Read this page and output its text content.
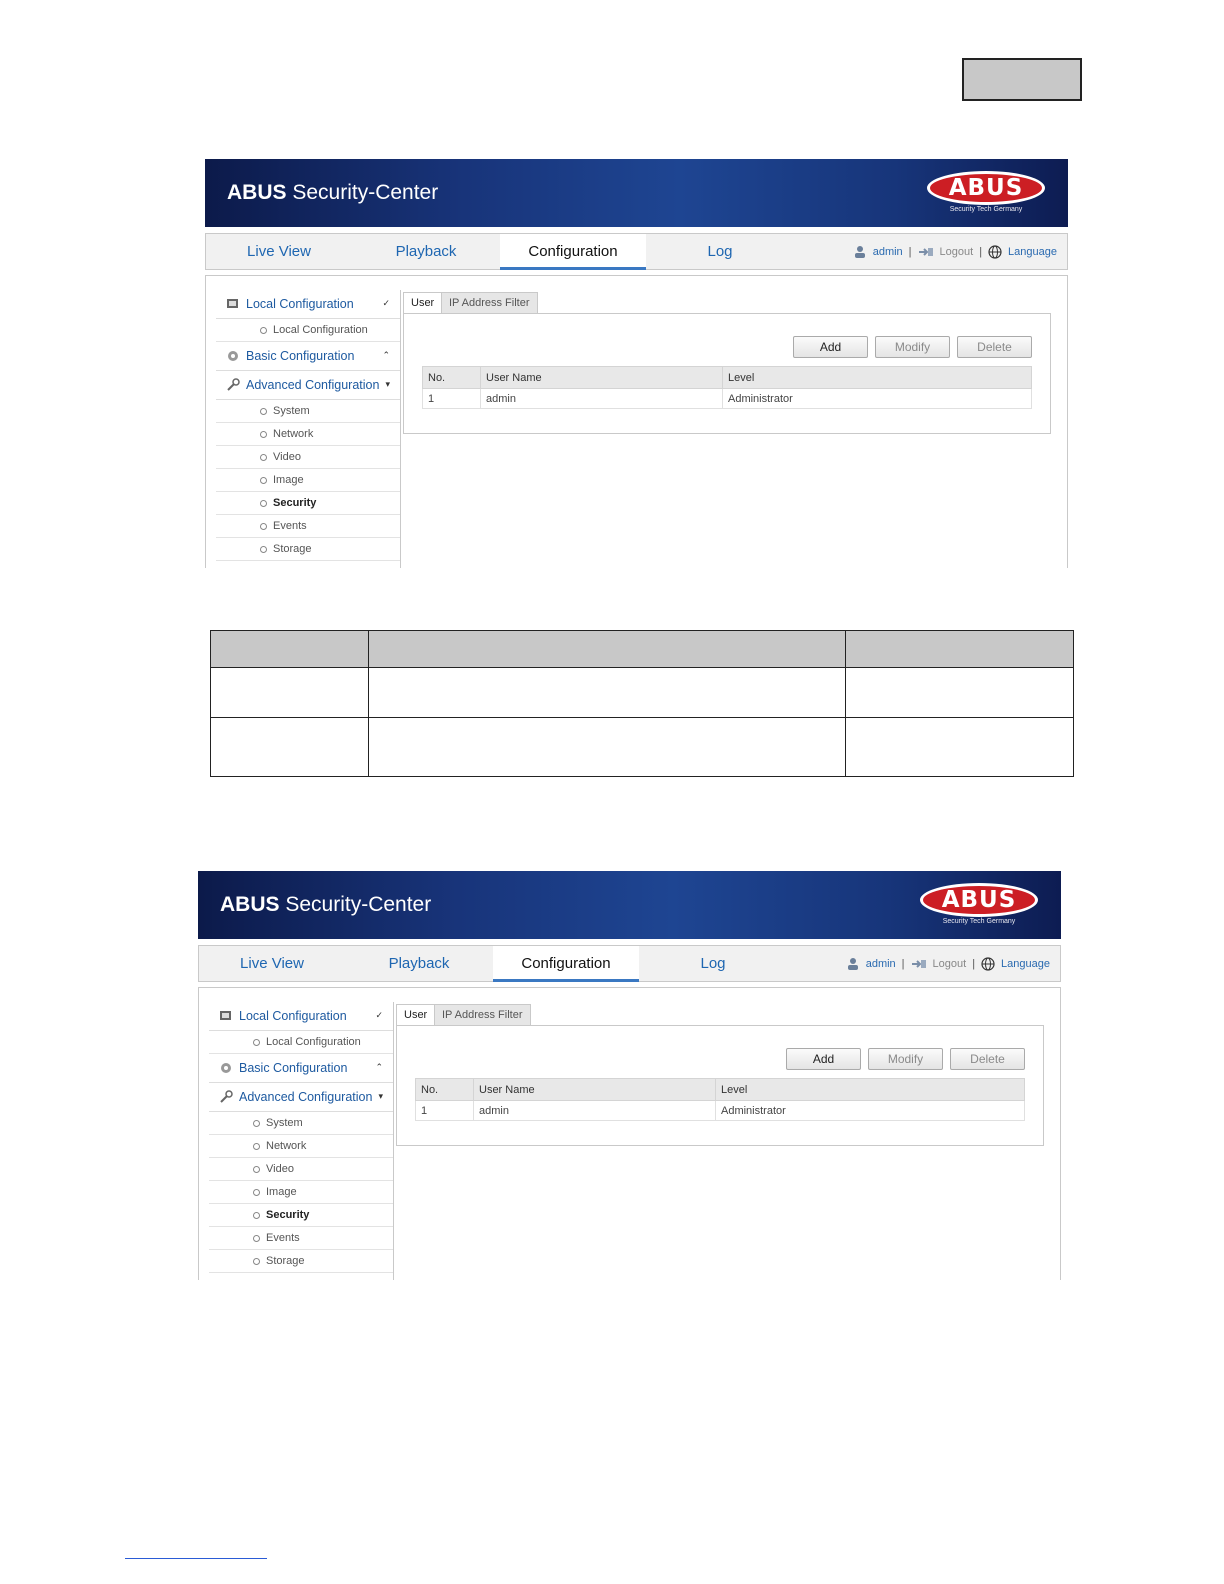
ABUS Security-Center	ABUS
Security Tech Germany
Live View	Playback	Configuration	Log	admin |	Logout | Language
Local Configuration	✓
Local Configuration
Basic Configuration	⌃
Advanced Configuration ▾
System
Network
Video
Image
Security
Events
Storage
User	IP Address Filter
Add	Modify	Delete
No.	User Name	Level
1	admin	Administrator

ABUS Security-Center	ABUS
Security Tech Germany
Live View	Playback	Configuration	Log	admin |	Logout | Language
Local Configuration	✓
Local Configuration
Basic Configuration	⌃
Advanced Configuration ▾
System
Network
Video
Image
Security
Events
Storage
User	IP Address Filter
Add	Modify	Delete
No.	User Name	Level
1	admin	Administrator
